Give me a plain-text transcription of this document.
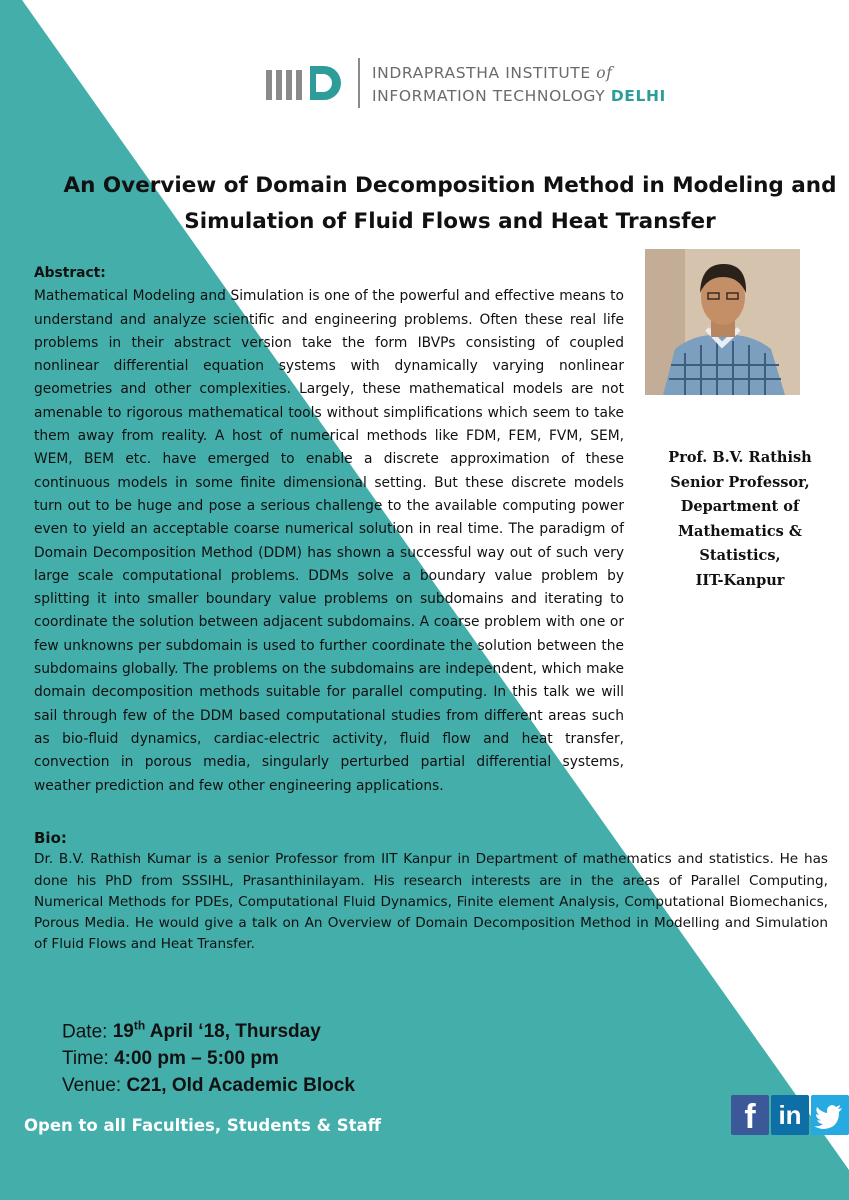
INDRAPRASTHA INSTITUTE of
INFORMATION TECHNOLOGY DELHI
An Overview of Domain Decomposition Method in Modeling and
Simulation of Fluid Flows and Heat Transfer
Abstract:
Mathematical Modeling and Simulation is one of the powerful and effective means to understand and analyze scientific and engineering problems. Often these real life problems in their abstract version take the form IBVPs consisting of coupled nonlinear differential equation systems with dynamically varying nonlinear geometries and other complexities. Largely, these mathematical models are not amenable to rigorous mathematical tools without simplifications which seem to take them away from reality. A host of numerical methods like FDM, FEM, FVM, SEM, WEM, BEM etc. have emerged to enable a discrete approximation of these continuous models in some finite dimensional setting. But these discrete models turn out to be huge and pose a serious challenge to the available computing power even to yield an acceptable coarse numerical solution in real time. The paradigm of Domain Decomposition Method (DDM) has shown a successful way out of such very large scale computational problems. DDMs solve a boundary value problem by splitting it into smaller boundary value problems on subdomains and iterating to coordinate the solution between adjacent subdomains. A coarse problem with one or few unknowns per subdomain is used to further coordinate the solution between the subdomains globally. The problems on the subdomains are independent, which make domain decomposition methods suitable for parallel computing. In this talk we will sail through few of the DDM based computational studies from different areas such as bio-fluid dynamics, cardiac-electric activity, fluid flow and heat transfer, convection in porous media, singularly perturbed partial differential systems, weather prediction and few other engineering applications.
Prof. B.V. Rathish
Senior Professor,
Department of
Mathematics & Statistics,
IIT-Kanpur
Bio:
Dr. B.V. Rathish Kumar is a senior Professor from IIT Kanpur in Department of mathematics and statistics. He has done his PhD from SSSIHL, Prasanthinilayam. His research interests are in the areas of Parallel Computing, Numerical Methods for PDEs, Computational Fluid Dynamics, Finite element Analysis, Computational Biomechanics, Porous Media. He would give a talk on An Overview of Domain Decomposition Method in Modelling and Simulation of Fluid Flows and Heat Transfer.
Date: 19th April ‘18, Thursday
Time: 4:00 pm – 5:00 pm
Venue: C21, Old Academic Block
Open to all Faculties, Students & Staff	f in
